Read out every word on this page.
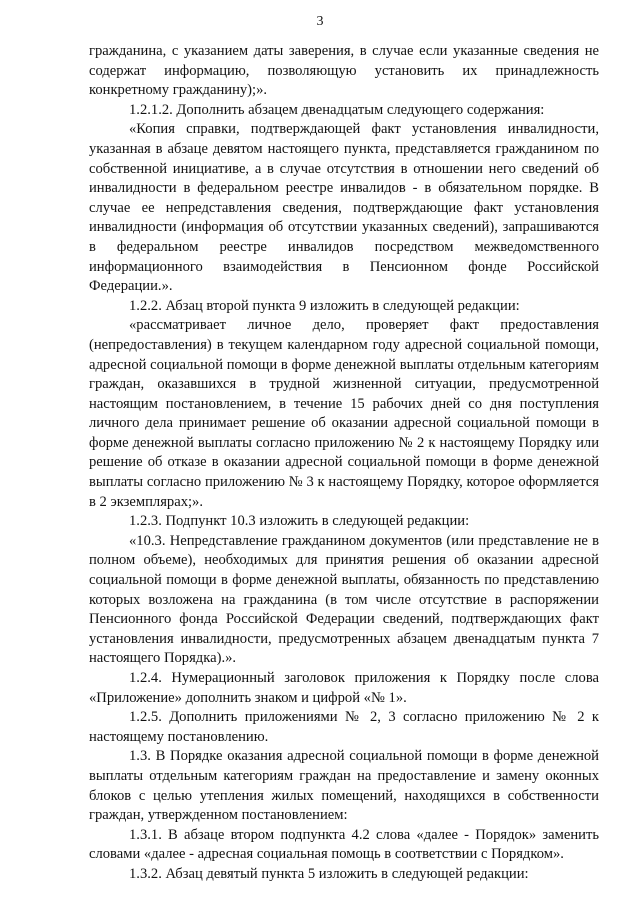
3

гражданина, с указанием даты заверения, в случае если указанные сведения не содержат информацию, позволяющую установить их принадлежность конкретному гражданину);».

1.2.1.2. Дополнить абзацем двенадцатым следующего содержания:

«Копия справки, подтверждающей факт установления инвалидности, указанная в абзаце девятом настоящего пункта, представляется гражданином по собственной инициативе, а в случае отсутствия в отношении него сведений об инвалидности в федеральном реестре инвалидов - в обязательном порядке. В случае ее непредставления сведения, подтверждающие факт установления инвалидности (информация об отсутствии указанных сведений), запрашиваются в федеральном реестре инвалидов посредством межведомственного информационного взаимодействия в Пенсионном фонде Российской Федерации.».

1.2.2. Абзац второй пункта 9 изложить в следующей редакции:

«рассматривает личное дело, проверяет факт предоставления (непредоставления) в текущем календарном году адресной социальной помощи, адресной социальной помощи в форме денежной выплаты отдельным категориям граждан, оказавшихся в трудной жизненной ситуации, предусмотренной настоящим постановлением, в течение 15 рабочих дней со дня поступления личного дела принимает решение об оказании адресной социальной помощи в форме денежной выплаты согласно приложению № 2 к настоящему Порядку или решение об отказе в оказании адресной социальной помощи в форме денежной выплаты согласно приложению № 3 к настоящему Порядку, которое оформляется в 2 экземплярах;».

1.2.3. Подпункт 10.3 изложить в следующей редакции:

«10.3. Непредставление гражданином документов (или представление не в полном объеме), необходимых для принятия решения об оказании адресной социальной помощи в форме денежной выплаты, обязанность по представлению которых возложена на гражданина (в том числе отсутствие в распоряжении Пенсионного фонда Российской Федерации сведений, подтверждающих факт установления инвалидности, предусмотренных абзацем двенадцатым пункта 7 настоящего Порядка).».

1.2.4. Нумерационный заголовок приложения к Порядку после слова «Приложение» дополнить знаком и цифрой «№ 1».

1.2.5. Дополнить приложениями № 2, 3 согласно приложению № 2 к настоящему постановлению.

1.3. В Порядке оказания адресной социальной помощи в форме денежной выплаты отдельным категориям граждан на предоставление и замену оконных блоков с целью утепления жилых помещений, находящихся в собственности граждан, утвержденном постановлением:

1.3.1. В абзаце втором подпункта 4.2 слова «далее - Порядок» заменить словами «далее - адресная социальная помощь в соответствии с Порядком».

1.3.2. Абзац девятый пункта 5 изложить в следующей редакции:
